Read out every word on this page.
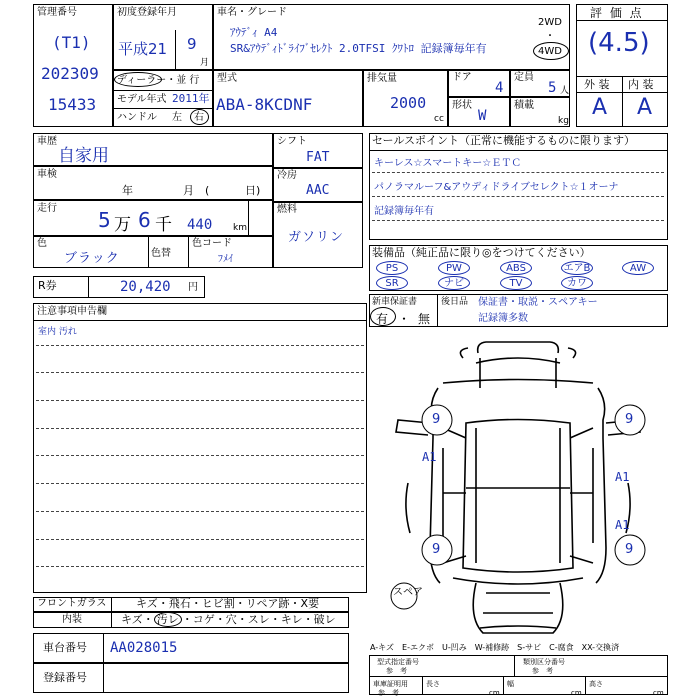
管理番号
(T1)
202309
15433
初度登録年月
平成21 9
月
車名・グレード
ｱｳﾃﾞｨ A4
SR&ｱｳﾃﾞｨﾄﾞﾗｲﾌﾞｾﾚｸﾄ 2.0TFSI ｸﾜﾄﾛ 記録簿毎年有
2WD
・
4WD
評 価 点
(4.5)
外 装 内 装
A A
ディーラー・並 行
モデル年式 2011年
ハンドル 左 右
型式
ABA-8KCDNF
排気量
2000
cc
ドア
4
定員
5 人
形状
W
積載
kg
車歴
自家用
車検
年	月 (	日)
走行 5 万 6 千 440 km
色
ブラック	色替
色コード
ﾌﾒｲ
シフト
FAT
冷房
AAC
燃料
ガソリン
R券	20,420 円
セールスポイント（正常に機能するものに限ります）
キーレス☆スマートキー☆ＥＴＣ
パノラマルーフ&アウディドライブセレクト☆１オーナ
記録簿毎年有
装備品（純正品に限り◎をつけてください）
PS	PW	ABS	エアB	AW
SR	ナビ	TV	カワ
新車保証書
有 ・ 無
後日品 保証書・取説・スペアキー
記録簿多数
注意事項申告欄
室内 汚れ
9	9
9	9
A1
A1
A1
スペア
フロントガラス	キズ・飛石・ヒビ割・リペア跡・X要
内装	キズ・ 汚レ ・コゲ・穴・スレ・キレ・破レ
車台番号 AA028015
登録番号
A-キズ　E-エクボ　U-凹み　W-補修跡　S-サビ　C-腐食　XX-交換済
型式指定番号
参　考
類別区分番号
参　考
車庫証明用
参　考
長さ
cm
幅
cm
高さ
cm
